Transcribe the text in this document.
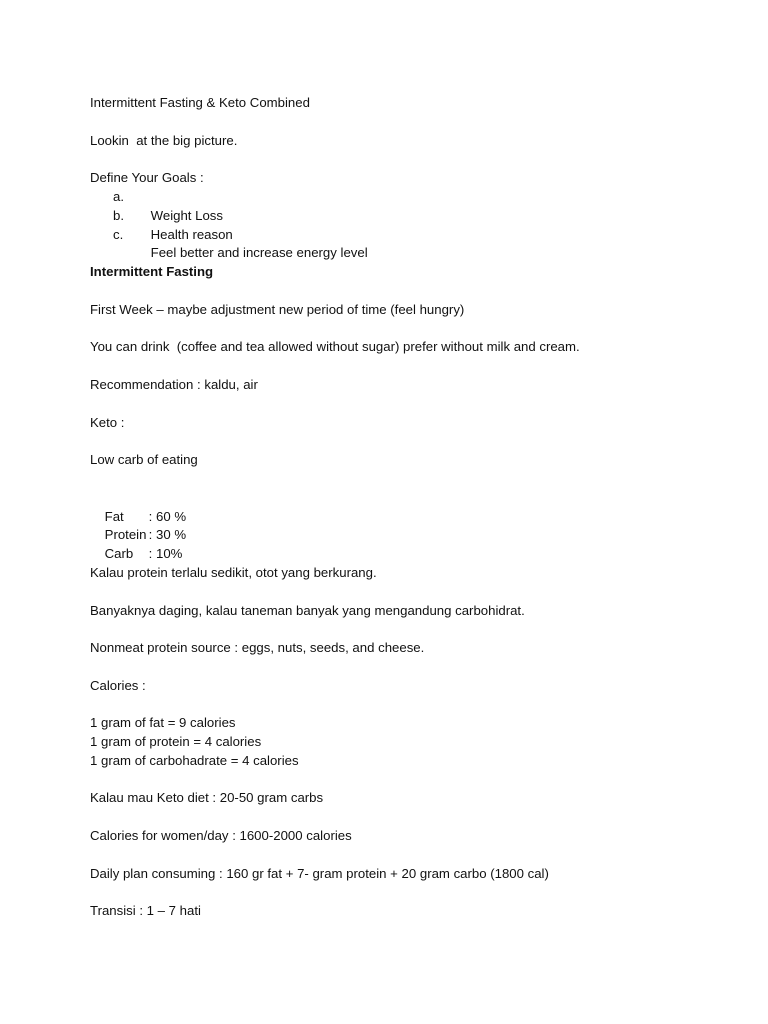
Intermittent Fasting & Keto Combined
Lookin  at the big picture.
Define Your Goals :

a.
Weight Loss

b.
Health reason

c.
Feel better and increase energy level

Intermittent Fasting
First Week – maybe adjustment new period of time (feel hungry)
You can drink  (coffee and tea allowed without sugar) prefer without milk and cream.
Recommendation : kaldu, air
Keto :
Low carb of eating

Fat : 60 %

Protein : 30 %

Carb : 10%

Kalau protein terlalu sedikit, otot yang berkurang.
Banyaknya daging, kalau taneman banyak yang mengandung carbohidrat.
Nonmeat protein source : eggs, nuts, seeds, and cheese.
Calories :
1 gram of fat = 9 calories
1 gram of protein = 4 calories
1 gram of carbohadrate = 4 calories
Kalau mau Keto diet : 20-50 gram carbs
Calories for women/day : 1600-2000 calories
Daily plan consuming : 160 gr fat + 7- gram protein + 20 gram carbo (1800 cal)
Transisi : 1 – 7 hati
